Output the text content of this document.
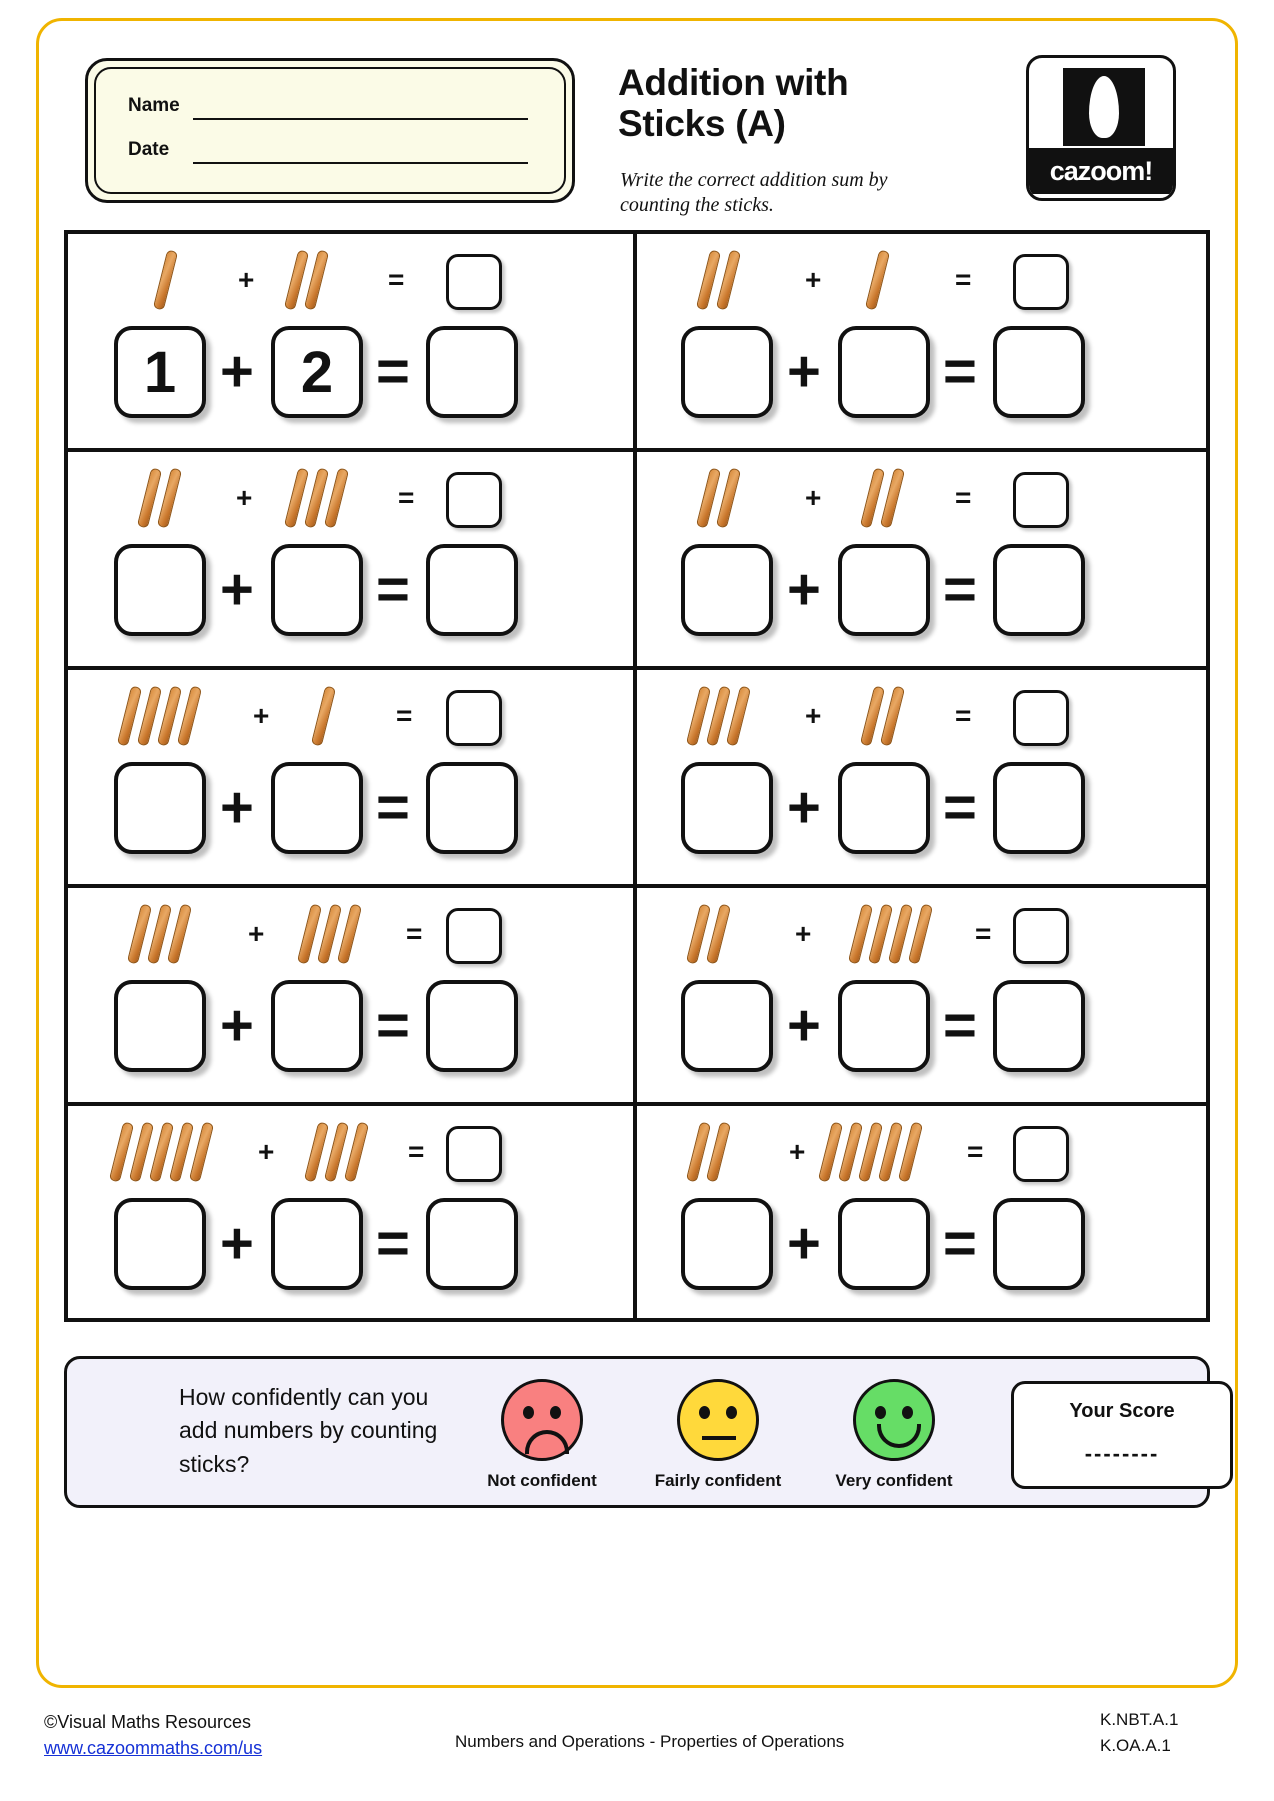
Name
Date
Addition with Sticks (A)
Write the correct addition sum by counting the sticks.
cazoom!
+	=
1 + 2 =
+	=
+ =
+	=
+ =
+	=
+ =
+	=
+ =
+	=
+ =
+	=
+ =
+	=
+ =
+	=
+ =
+	=
+ =
How confidently can you add numbers by counting sticks?
Not confident	Fairly confident	Very confident
Your Score
--------
©Visual Maths Resources
www.cazoommaths.com/us	Numbers and Operations - Properties of Operations
K.NBT.A.1
K.OA.A.1
